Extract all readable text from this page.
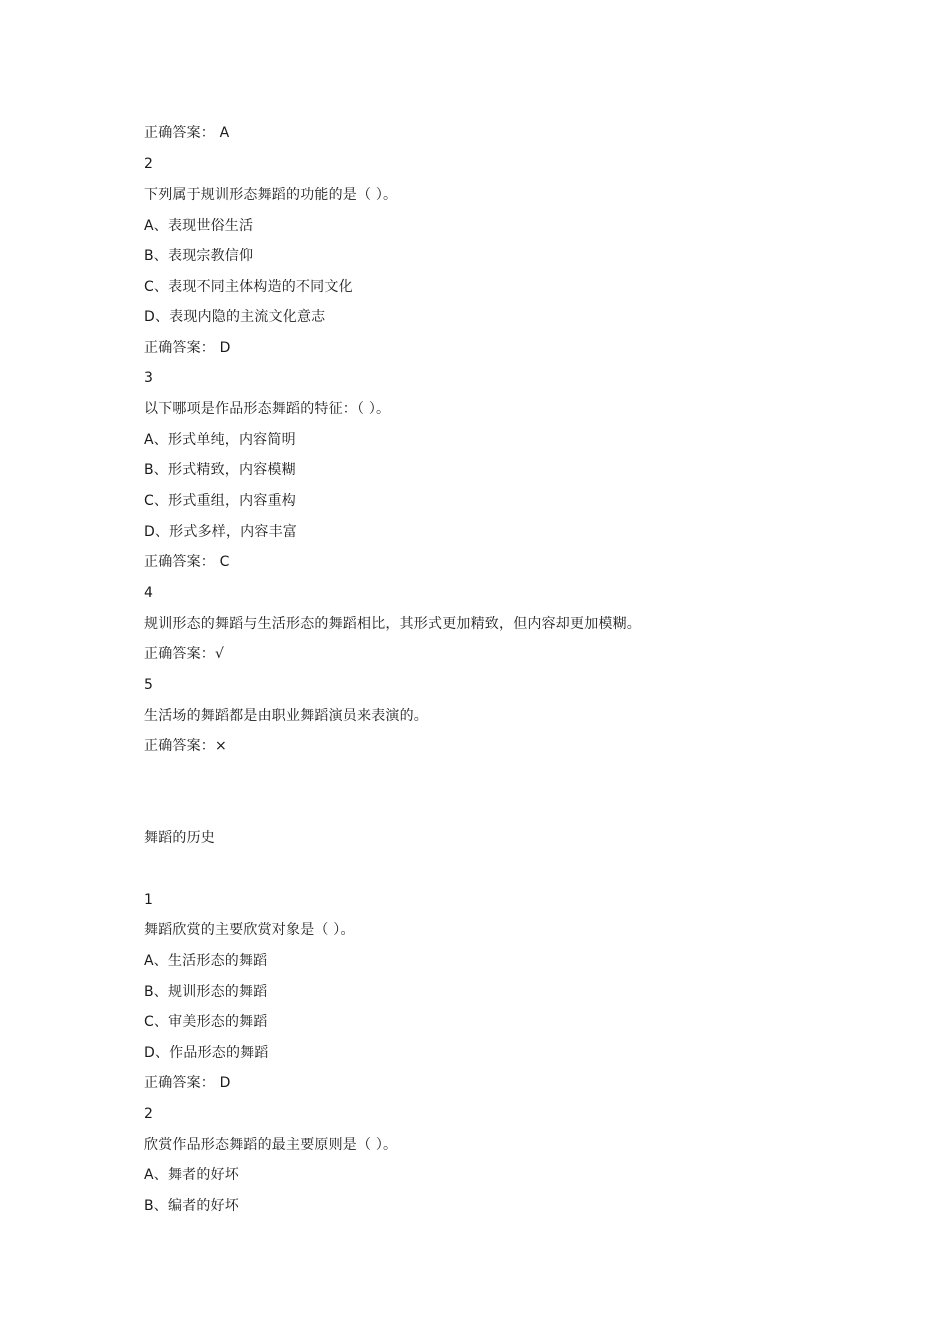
正确答案： A
2
下列属于规训形态舞蹈的功能的是（ ）。
A、表现世俗生活
B、表现宗教信仰
C、表现不同主体构造的不同文化
D、表现内隐的主流文化意志
正确答案： D
3
以下哪项是作品形态舞蹈的特征：（ ）。
A、形式单纯，内容简明
B、形式精致，内容模糊
C、形式重组，内容重构
D、形式多样，内容丰富
正确答案： C
4
规训形态的舞蹈与生活形态的舞蹈相比，其形式更加精致，但内容却更加模糊。
正确答案：√
5
生活场的舞蹈都是由职业舞蹈演员来表演的。
正确答案：×
舞蹈的历史
1
舞蹈欣赏的主要欣赏对象是（ ）。
A、生活形态的舞蹈
B、规训形态的舞蹈
C、审美形态的舞蹈
D、作品形态的舞蹈
正确答案： D
2
欣赏作品形态舞蹈的最主要原则是（ ）。
A、舞者的好坏
B、编者的好坏
